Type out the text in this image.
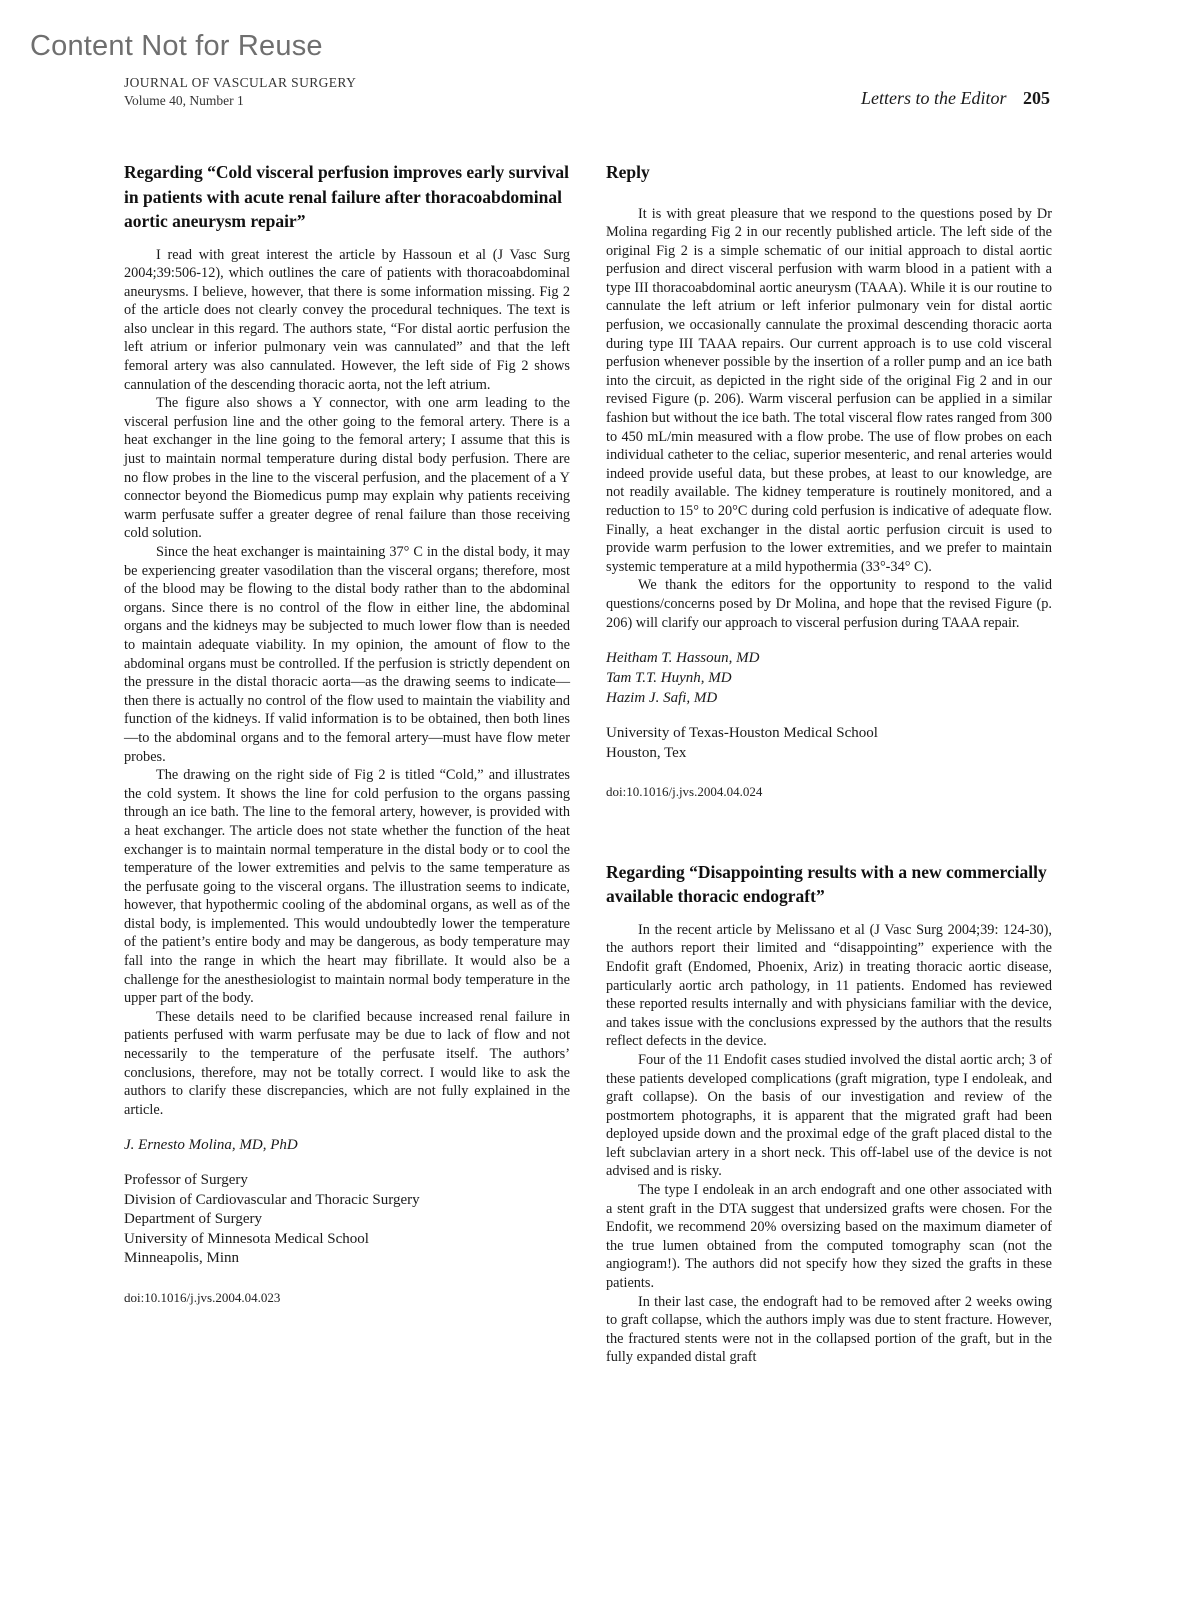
Content Not for Reuse
JOURNAL OF VASCULAR SURGERY
Volume 40, Number 1	Letters to the Editor 205
Regarding “Cold visceral perfusion improves early survival in patients with acute renal failure after thoracoabdominal aortic aneurysm repair”

I read with great interest the article by Hassoun et al (J Vasc Surg 2004;39:506-12), which outlines the care of patients with thoracoabdominal aneurysms. I believe, however, that there is some information missing. Fig 2 of the article does not clearly convey the procedural techniques. The text is also unclear in this regard. The authors state, “For distal aortic perfusion the left atrium or inferior pulmonary vein was cannulated” and that the left femoral artery was also cannulated. However, the left side of Fig 2 shows cannulation of the descending thoracic aorta, not the left atrium.

The figure also shows a Y connector, with one arm leading to the visceral perfusion line and the other going to the femoral artery. There is a heat exchanger in the line going to the femoral artery; I assume that this is just to maintain normal temperature during distal body perfusion. There are no flow probes in the line to the visceral perfusion, and the placement of a Y connector beyond the Biomedicus pump may explain why patients receiving warm perfusate suffer a greater degree of renal failure than those receiving cold solution.

Since the heat exchanger is maintaining 37° C in the distal body, it may be experiencing greater vasodilation than the visceral organs; therefore, most of the blood may be flowing to the distal body rather than to the abdominal organs. Since there is no control of the flow in either line, the abdominal organs and the kidneys may be subjected to much lower flow than is needed to maintain adequate viability. In my opinion, the amount of flow to the abdominal organs must be controlled. If the perfusion is strictly dependent on the pressure in the distal thoracic aorta—as the drawing seems to indicate—then there is actually no control of the flow used to maintain the viability and function of the kidneys. If valid information is to be obtained, then both lines—to the abdominal organs and to the femoral artery—must have flow meter probes.

The drawing on the right side of Fig 2 is titled “Cold,” and illustrates the cold system. It shows the line for cold perfusion to the organs passing through an ice bath. The line to the femoral artery, however, is provided with a heat exchanger. The article does not state whether the function of the heat exchanger is to maintain normal temperature in the distal body or to cool the temperature of the lower extremities and pelvis to the same temperature as the perfusate going to the visceral organs. The illustration seems to indicate, however, that hypothermic cooling of the abdominal organs, as well as of the distal body, is implemented. This would undoubtedly lower the temperature of the patient’s entire body and may be dangerous, as body temperature may fall into the range in which the heart may fibrillate. It would also be a challenge for the anesthesiologist to maintain normal body temperature in the upper part of the body.

These details need to be clarified because increased renal failure in patients perfused with warm perfusate may be due to lack of flow and not necessarily to the temperature of the perfusate itself. The authors’ conclusions, therefore, may not be totally correct. I would like to ask the authors to clarify these discrepancies, which are not fully explained in the article.

J. Ernesto Molina, MD, PhD
Professor of Surgery
Division of Cardiovascular and Thoracic Surgery
Department of Surgery
University of Minnesota Medical School
Minneapolis, Minn
doi:10.1016/j.jvs.2004.04.023
Reply

It is with great pleasure that we respond to the questions posed by Dr Molina regarding Fig 2 in our recently published article. The left side of the original Fig 2 is a simple schematic of our initial approach to distal aortic perfusion and direct visceral perfusion with warm blood in a patient with a type III thoracoabdominal aortic aneurysm (TAAA). While it is our routine to cannulate the left atrium or left inferior pulmonary vein for distal aortic perfusion, we occasionally cannulate the proximal descending thoracic aorta during type III TAAA repairs. Our current approach is to use cold visceral perfusion whenever possible by the insertion of a roller pump and an ice bath into the circuit, as depicted in the right side of the original Fig 2 and in our revised Figure (p. 206). Warm visceral perfusion can be applied in a similar fashion but without the ice bath. The total visceral flow rates ranged from 300 to 450 mL/min measured with a flow probe. The use of flow probes on each individual catheter to the celiac, superior mesenteric, and renal arteries would indeed provide useful data, but these probes, at least to our knowledge, are not readily available. The kidney temperature is routinely monitored, and a reduction to 15° to 20°C during cold perfusion is indicative of adequate flow. Finally, a heat exchanger in the distal aortic perfusion circuit is used to provide warm perfusion to the lower extremities, and we prefer to maintain systemic temperature at a mild hypothermia (33°-34° C).

We thank the editors for the opportunity to respond to the valid questions/concerns posed by Dr Molina, and hope that the revised Figure (p. 206) will clarify our approach to visceral perfusion during TAAA repair.

Heitham T. Hassoun, MD
Tam T.T. Huynh, MD
Hazim J. Safi, MD
University of Texas-Houston Medical School
Houston, Tex
doi:10.1016/j.jvs.2004.04.024
Regarding “Disappointing results with a new commercially available thoracic endograft”

In the recent article by Melissano et al (J Vasc Surg 2004;39: 124-30), the authors report their limited and “disappointing” experience with the Endofit graft (Endomed, Phoenix, Ariz) in treating thoracic aortic disease, particularly aortic arch pathology, in 11 patients. Endomed has reviewed these reported results internally and with physicians familiar with the device, and takes issue with the conclusions expressed by the authors that the results reflect defects in the device.

Four of the 11 Endofit cases studied involved the distal aortic arch; 3 of these patients developed complications (graft migration, type I endoleak, and graft collapse). On the basis of our investigation and review of the postmortem photographs, it is apparent that the migrated graft had been deployed upside down and the proximal edge of the graft placed distal to the left subclavian artery in a short neck. This off-label use of the device is not advised and is risky.

The type I endoleak in an arch endograft and one other associated with a stent graft in the DTA suggest that undersized grafts were chosen. For the Endofit, we recommend 20% oversizing based on the maximum diameter of the true lumen obtained from the computed tomography scan (not the angiogram!). The authors did not specify how they sized the grafts in these patients.

In their last case, the endograft had to be removed after 2 weeks owing to graft collapse, which the authors imply was due to stent fracture. However, the fractured stents were not in the collapsed portion of the graft, but in the fully expanded distal graft
